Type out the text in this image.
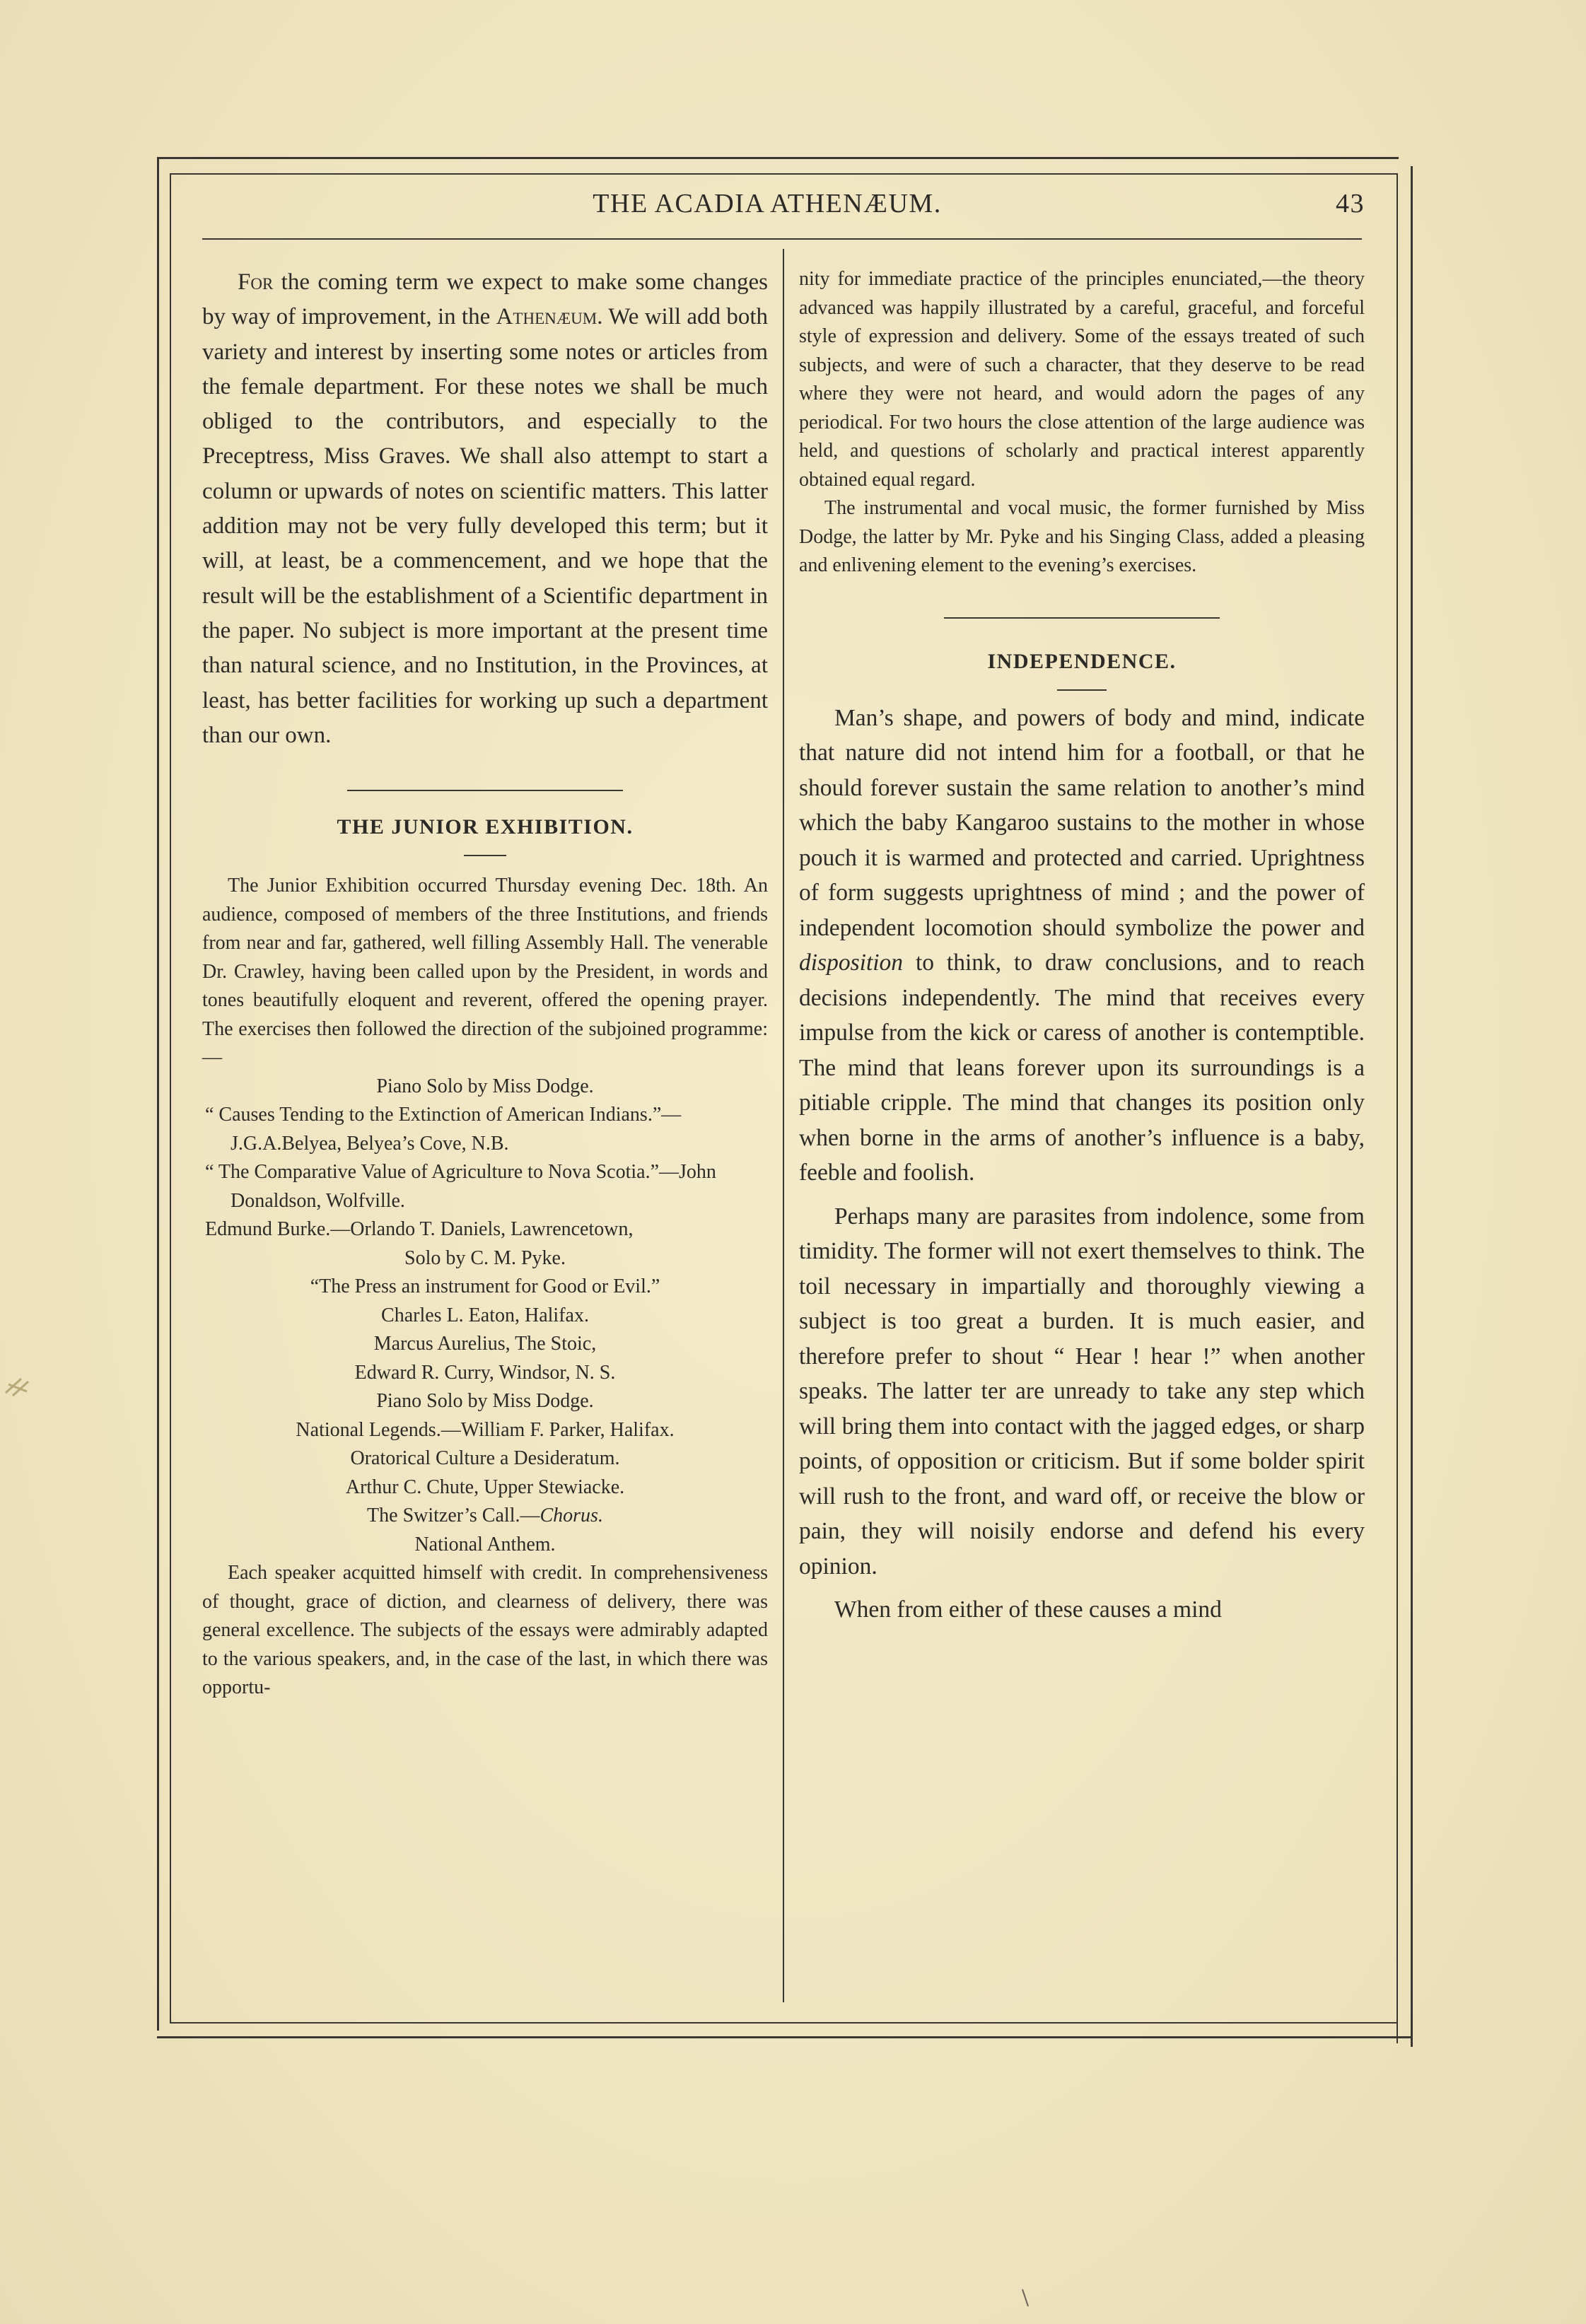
THE ACADIA ATHENÆUM.	43

For the coming term we expect to make some changes by way of improvement, in the Athenæum. We will add both variety and interest by inserting some notes or articles from the female department. For these notes we shall be much obliged to the contributors, and especially to the Preceptress, Miss Graves. We shall also attempt to start a column or upwards of notes on scientific matters. This latter addition may not be very fully developed this term; but it will, at least, be a commencement, and we hope that the result will be the establishment of a Scientific department in the paper. No subject is more important at the present time than natural science, and no Institution, in the Provinces, at least, has better facilities for working up such a department than our own.

THE JUNIOR EXHIBITION.

The Junior Exhibition occurred Thursday evening Dec. 18th. An audience, composed of members of the three Institutions, and friends from near and far, gathered, well filling Assembly Hall. The venerable Dr. Crawley, having been called upon by the President, in words and tones beautifully eloquent and reverent, offered the opening prayer. The exercises then followed the direction of the subjoined programme:—

Piano Solo by Miss Dodge.

“ Causes Tending to the Extinction of American Indians.”—J.G.A.Belyea, Belyea’s Cove, N.B.

“ The Comparative Value of Agriculture to Nova Scotia.”—John Donaldson, Wolfville.

Edmund Burke.—Orlando T. Daniels, Lawrencetown,

Solo by C. M. Pyke.

“The Press an instrument for Good or Evil.”

Charles L. Eaton, Halifax.

Marcus Aurelius, The Stoic,

Edward R. Curry, Windsor, N. S.

Piano Solo by Miss Dodge.

National Legends.—William F. Parker, Halifax.

Oratorical Culture a Desideratum.

Arthur C. Chute, Upper Stewiacke.

The Switzer’s Call.—Chorus.

National Anthem.

Each speaker acquitted himself with credit. In comprehensiveness of thought, grace of diction, and clearness of delivery, there was general excellence. The subjects of the essays were admirably adapted to the various speakers, and, in the case of the last, in which there was opportu-

nity for immediate practice of the principles enunciated,—the theory advanced was happily illustrated by a careful, graceful, and forceful style of expression and delivery. Some of the essays treated of such subjects, and were of such a character, that they deserve to be read where they were not heard, and would adorn the pages of any periodical. For two hours the close attention of the large audience was held, and questions of scholarly and practical interest apparently obtained equal regard.

The instrumental and vocal music, the former furnished by Miss Dodge, the latter by Mr. Pyke and his Singing Class, added a pleasing and enlivening element to the evening’s exercises.

INDEPENDENCE.

Man’s shape, and powers of body and mind, indicate that nature did not intend him for a football, or that he should forever sustain the same relation to another’s mind which the baby Kangaroo sustains to the mother in whose pouch it is warmed and protected and carried. Uprightness of form suggests uprightness of mind ; and the power of independent locomotion should symbolize the power and disposition to think, to draw conclusions, and to reach decisions independently. The mind that receives every impulse from the kick or caress of another is contemptible. The mind that leans forever upon its surroundings is a pitiable cripple. The mind that changes its position only when borne in the arms of another’s influence is a baby, feeble and foolish.

Perhaps many are parasites from indolence, some from timidity. The former will not exert themselves to think. The toil necessary in impartially and thoroughly viewing a subject is too great a burden. It is much easier, and therefore prefer to shout “ Hear ! hear !” when another speaks. The latter ter are unready to take any step which will bring them into contact with the jagged edges, or sharp points, of opposition or criticism. But if some bolder spirit will rush to the front, and ward off, or receive the blow or pain, they will noisily endorse and defend his every opinion.

When from either of these causes a mind
